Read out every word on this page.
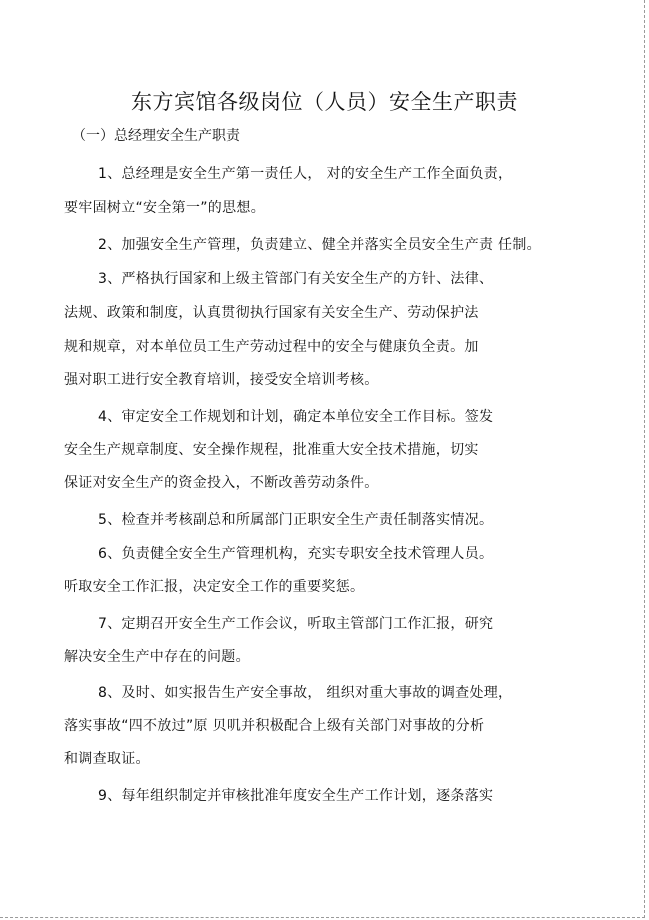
东方宾馆各级岗位（人员）安全生产职责
（一）总经理安全生产职责
1、总经理是安全生产第一责任人， 对的安全生产工作全面负责，
要牢固树立“安全第一”的思想。
2、加强安全生产管理，负责建立、健全并落实全员安全生产责 任制。
3、严格执行国家和上级主管部门有关安全生产的方针、法律、
法规、政策和制度，认真贯彻执行国家有关安全生产、劳动保护法
规和规章，对本单位员工生产劳动过程中的安全与健康负全责。加
强对职工进行安全教育培训，接受安全培训考核。
4、审定安全工作规划和计划，确定本单位安全工作目标。签发
安全生产规章制度、安全操作规程，批准重大安全技术措施，切实
保证对安全生产的资金投入，不断改善劳动条件。
5、检查并考核副总和所属部门正职安全生产责任制落实情况。
6、负责健全安全生产管理机构，充实专职安全技术管理人员。
听取安全工作汇报，决定安全工作的重要奖惩。
7、定期召开安全生产工作会议，听取主管部门工作汇报，研究
解决安全生产中存在的问题。
8、及时、如实报告生产安全事故， 组织对重大事故的调查处理，
落实事故“四不放过”原 贝叽并积极配合上级有关部门对事故的分析
和调查取证。
9、每年组织制定并审核批准年度安全生产工作计划，逐条落实
